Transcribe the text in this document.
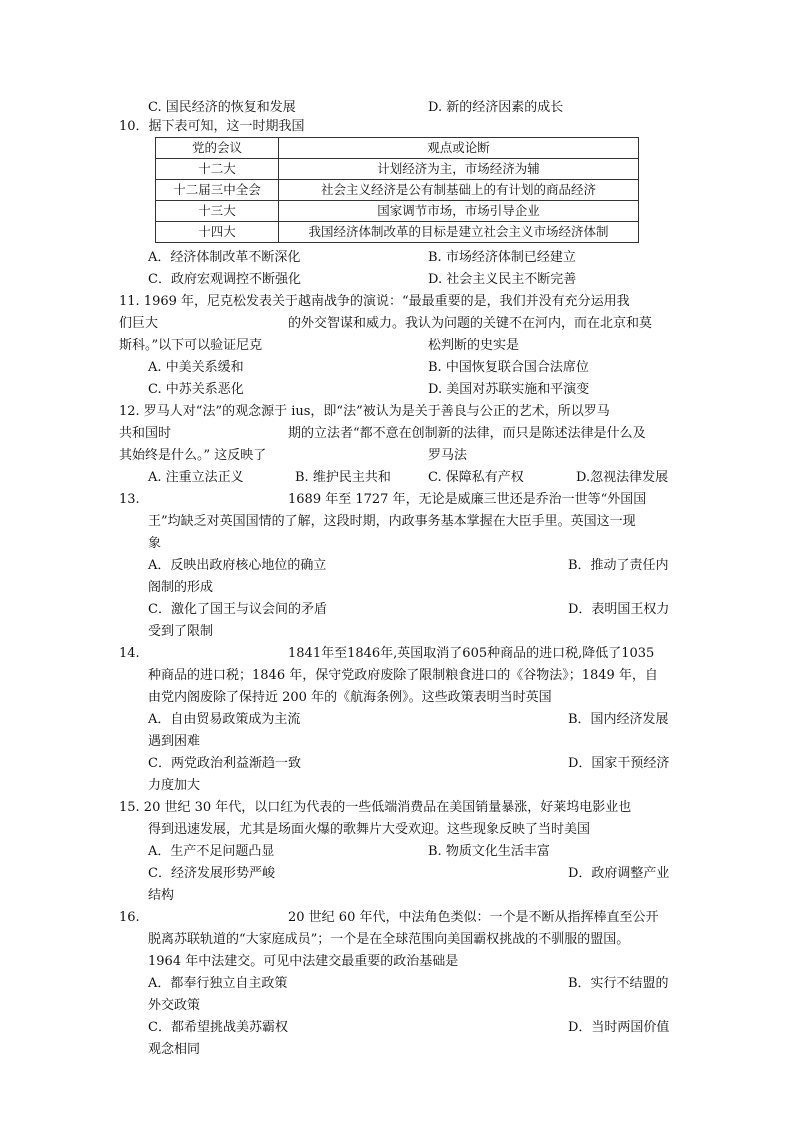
C. 国民经济的恢复和发展	D. 新的经济因素的成长
10．据下表可知，这一时期我国
党的会议	观点或论断
十二大	计划经济为主，市场经济为辅
十二届三中全会	社会主义经济是公有制基础上的有计划的商品经济
十三大	国家调节市场，市场引导企业
十四大	我国经济体制改革的目标是建立社会主义市场经济体制
A．经济体制改革不断深化	B. 市场经济体制已经建立
C．政府宏观调控不断强化	D. 社会主义民主不断完善
11. 1969 年，尼克松发表关于越南战争的演说：“最最重要的是，我们并没有充分运用我
们巨大	的外交智谋和威力。我认为问题的关键不在河内，而在北京和莫
斯科。”以下可以验证尼克	松判断的史实是
A. 中美关系缓和	B. 中国恢复联合国合法席位
C. 中苏关系恶化	D. 美国对苏联实施和平演变
12. 罗马人对“法”的观念源于 ius，即“法”被认为是关于善良与公正的艺术，所以罗马
共和国时	期的立法者“都不意在创制新的法律，而只是陈述法律是什么及
其始终是什么。” 这反映了	罗马法
A. 注重立法正义	B. 维护民主共和	C. 保障私有产权	D.忽视法律发展
13.	1689 年至 1727 年，无论是威廉三世还是乔治一世等“外国国
王”均缺乏对英国国情的了解，这段时期，内政事务基本掌握在大臣手里。英国这一现
象
A．反映出政府核心地位的确立	B．推动了责任内
阁制的形成
C．激化了国王与议会间的矛盾	D．表明国王权力
受到了限制
14.	1841年至1846年,英国取消了605种商品的进口税,降低了1035
种商品的进口税；1846 年，保守党政府废除了限制粮食进口的《谷物法》；1849 年，自
由党内阁废除了保持近 200 年的《航海条例》。这些政策表明当时英国
A．自由贸易政策成为主流	B．国内经济发展
遇到困难
C．两党政治利益渐趋一致	D．国家干预经济
力度加大
15. 20 世纪 30 年代，以口红为代表的一些低端消费品在美国销量暴涨，好莱坞电影业也
得到迅速发展，尤其是场面火爆的歌舞片大受欢迎。这些现象反映了当时美国
A．生产不足问题凸显	B. 物质文化生活丰富
C．经济发展形势严峻	D．政府调整产业
结构
16.	20 世纪 60 年代，中法角色类似：一个是不断从指挥棒直至公开
脱离苏联轨道的“大家庭成员”；一个是在全球范围向美国霸权挑战的不驯服的盟国。
1964 年中法建交。可见中法建交最重要的政治基础是
A．都奉行独立自主政策	B．实行不结盟的
外交政策
C．都希望挑战美苏霸权	D．当时两国价值
观念相同
